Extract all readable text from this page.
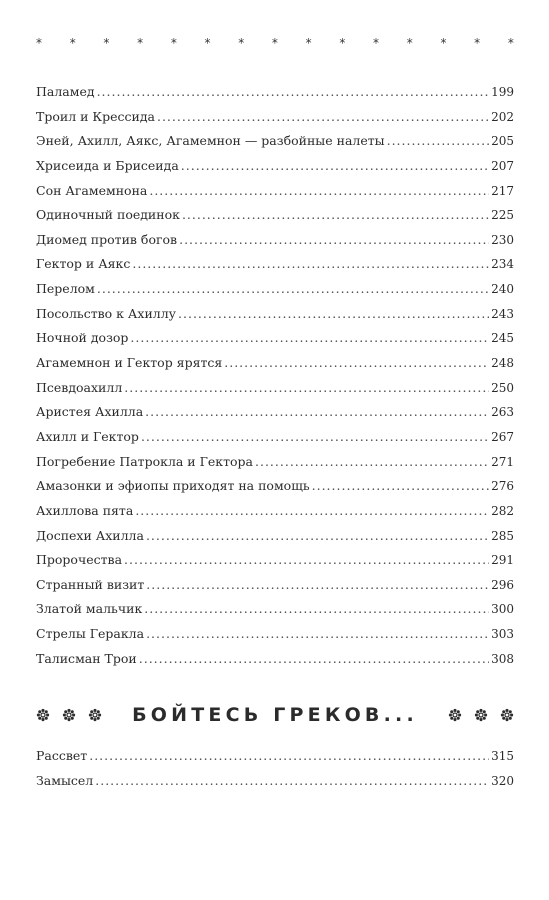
* * * * * * * * * * * * * * *
Паламед .....	199
Троил и Крессида .....	202
Эней, Ахилл, Аякс, Агамемнон — разбойные налеты .....	205
Хрисеида и Брисеида .....	207
Сон Агамемнона .....	217
Одиночный поединок .....	225
Диомед против богов .....	230
Гектор и Аякс .....	234
Перелом .....	240
Посольство к Ахиллу .....	243
Ночной дозор .....	245
Агамемнон и Гектор ярятся .....	248
Псевдоахилл .....	250
Аристея Ахилла .....	263
Ахилл и Гектор .....	267
Погребение Патрокла и Гектора .....	271
Амазонки и эфиопы приходят на помощь .....	276
Ахиллова пята .....	282
Доспехи Ахилла .....	285
Пророчества .....	291
Странный визит .....	296
Златой мальчик .....	300
Стрелы Геракла .....	303
Талисман Трои .....	308
БОЙТЕСЬ ГРЕКОВ...
Рассвет .....	315
Замысел .....	320
